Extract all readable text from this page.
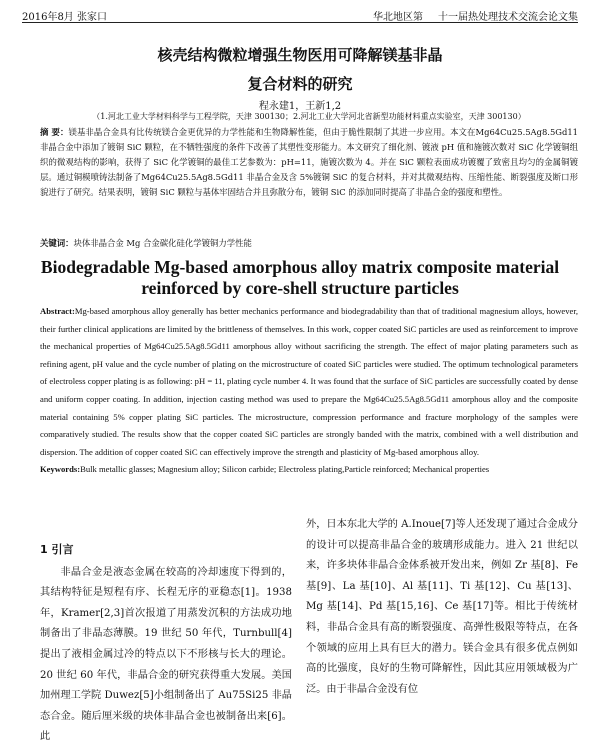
2016年8月 张家口	华北地区第___十一届热处理技术交流会论文集
核壳结构微粒增强生物医用可降解镁基非晶
复合材料的研究
程永建1，王新1,2
（1.河北工业大学材料科学与工程学院，天津 300130；2.河北工业大学河北省新型功能材料重点实验室，天津 300130）
摘 要：镁基非晶合金具有比传统镁合金更优异的力学性能和生物降解性能，但由于脆性限制了其进一步应用。本文在Mg64Cu25.5Ag8.5Gd11非晶合金中添加了镀铜 SiC 颗粒，在不牺牲强度的条件下改善了其塑性变形能力。本文研究了细化剂、镀液 pH 值和施镀次数对 SiC 化学镀铜组织的微观结构的影响，获得了 SiC 化学镀铜的最佳工艺参数为：pH=11，施镀次数为 4。并在 SiC 颗粒表面成功镀覆了致密且均匀的金属铜镀层。通过铜模喷铸法制备了Mg64Cu25.5Ag8.5Gd11 非晶合金及含 5%镀铜 SiC 的复合材料，并对其微观结构、压缩性能、断裂强度及断口形貌进行了研究。结果表明，镀铜 SiC 颗粒与基体牢固结合并且弥散分布，镀铜 SiC 的添加同时提高了非晶合金的强度和塑性。
关键词：块体非晶合金 Mg 合金碳化硅化学镀铜力学性能
Biodegradable Mg-based amorphous alloy matrix composite material
reinforced by core-shell structure particles
Abstract:Mg-based amorphous alloy generally has better mechanics performance and biodegradability than that of traditional magnesium alloys, however, their further clinical applications are limited by the brittleness of themselves. In this work, copper coated SiC particles are used as reinforcement to improve the mechanical properties of Mg64Cu25.5Ag8.5Gd11 amorphous alloy without sacrificing the strength. The effect of major plating parameters such as refining agent, pH value and the cycle number of plating on the microstructure of coated SiC particles were studied. The optimum technological parameters of electroless copper plating is as following: pH = 11, plating cycle number 4. It was found that the surface of SiC particles are successfully coated by dense and uniform copper coating. In addition, injection casting method was used to prepare the Mg64Cu25.5Ag8.5Gd11 amorphous alloy and the composite material containing 5% copper plating SiC particles. The microstructure, compression performance and fracture morphology of the samples were comparatively studied. The results show that the copper coated SiC particles are strongly banded with the matrix, combined with a well distribution and dispersion. The addition of copper coated SiC can effectively improve the strength and plasticity of Mg-based amorphous alloy.
Keywords:Bulk metallic glasses; Magnesium alloy; Silicon carbide; Electroless plating,Particle reinforced; Mechanical properties
1 引言
非晶合金是液态金属在较高的冷却速度下得到的，其结构特征是短程有序、长程无序的亚稳态[1]。1938 年，Kramer[2,3]首次报道了用蒸发沉积的方法成功地制备出了非晶态薄膜。19 世纪 50 年代，Turnbull[4]提出了液相金属过冷的特点以下不形核与长大的理论。20 世纪 60 年代，非晶合金的研究获得重大发展。美国加州理工学院 Duwez[5]小组制备出了 Au75Si25 非晶态合金。随后厘米级的块体非晶合金也被制备出来[6]。此
外，日本东北大学的 A.Inoue[7]等人还发现了通过合金成分的设计可以提高非晶合金的玻璃形成能力。进入 21 世纪以来，许多块体非晶合金体系被开发出来，例如 Zr 基[8]、Fe 基[9]、La 基[10]、Al 基[11]、Ti 基[12]、Cu 基[13]、Mg 基[14]、Pd 基[15,16]、Ce 基[17]等。相比于传统材料，非晶合金具有高的断裂强度、高弹性极限等特点，在各个领域的应用上具有巨大的潜力。镁合金具有很多优点例如高的比强度，良好的生物可降解性，因此其应用领域极为广泛。由于非晶合金没有位
